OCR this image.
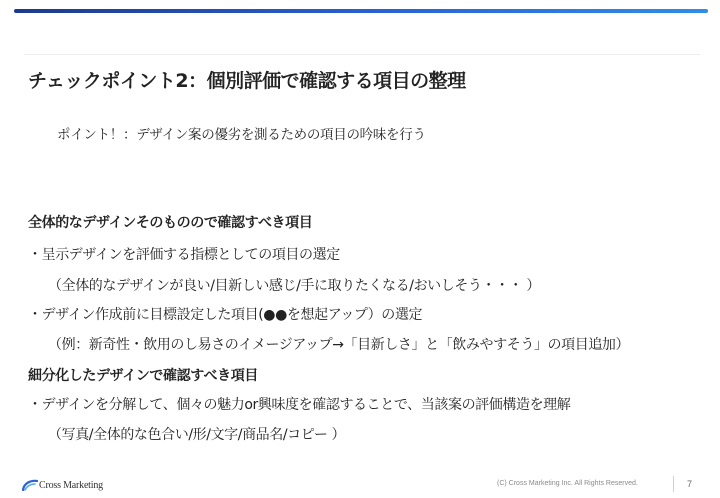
チェックポイント2：個別評価で確認する項目の整理
ポイント！：デザイン案の優劣を測るための項目の吟味を行う
全体的なデザインそのものので確認すべき項目
・呈示デザインを評価する指標としての項目の選定
（全体的なデザインが良い/目新しい感じ/手に取りたくなる/おいしそう・・・ ）
・デザイン作成前に目標設定した項目(●●を想起アップ）の選定
（例：新奇性・飲用のし易さのイメージアップ→「目新しさ」と「飲みやすそう」の項目追加）
細分化したデザインで確認すべき項目
・デザインを分解して、個々の魅力or興味度を確認することで、当該案の評価構造を理解
（写真/全体的な色合い/形/文字/商品名/コピー ）
Cross Marketing	(C) Cross Marketing Inc. All Rights Reserved.	7
